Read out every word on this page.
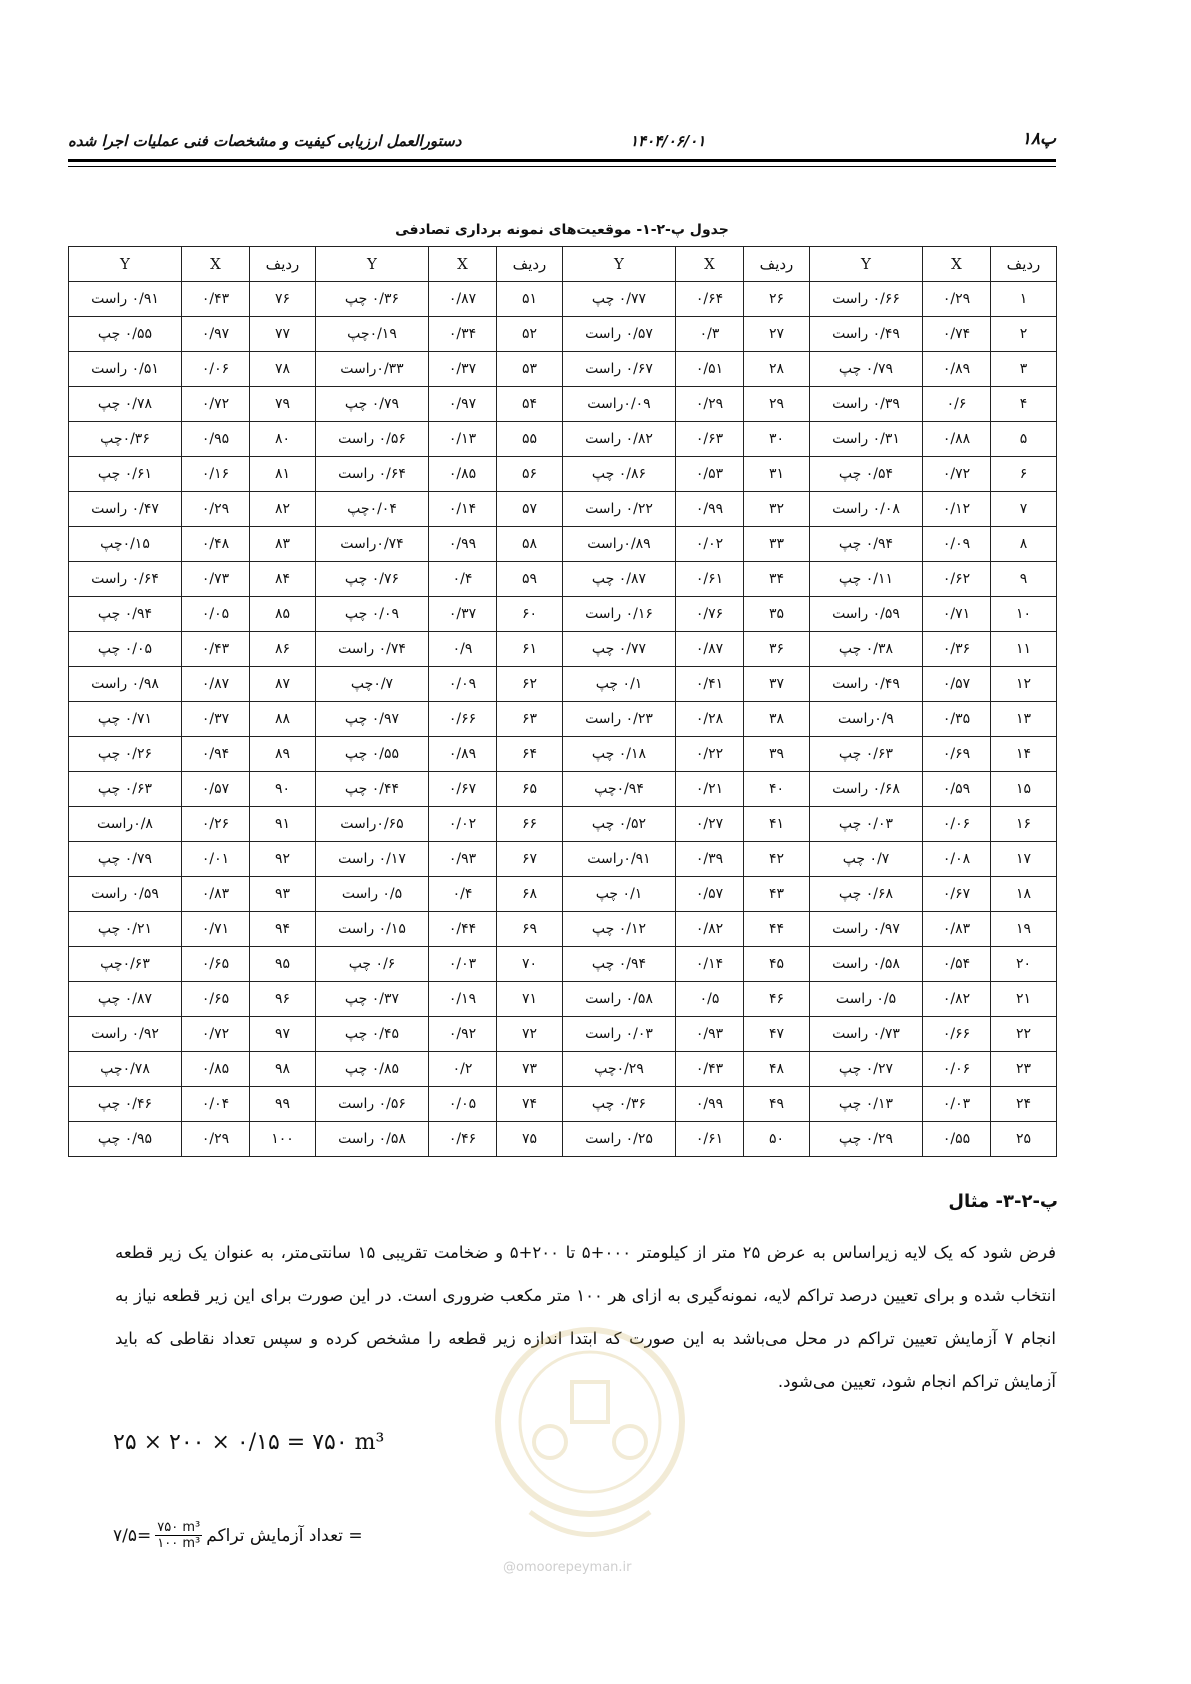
پ۱۸
۱۴۰۴/۰۶/۰۱
دستورالعمل ارزیابی کیفیت و مشخصات فنی عملیات اجرا شده
جدول پ-۲-۱- موقعیت‌های نمونه برداری تصادفی
ردیف	X	Y	ردیف	X	Y	ردیف	X	Y	ردیف	X	Y
۱	۰/۲۹	۰/۶۶ راست	۲۶	۰/۶۴	۰/۷۷ چپ	۵۱	۰/۸۷	۰/۳۶ چپ	۷۶	۰/۴۳	۰/۹۱ راست
۲	۰/۷۴	۰/۴۹ راست	۲۷	۰/۳	۰/۵۷ راست	۵۲	۰/۳۴	۰/۱۹چپ	۷۷	۰/۹۷	۰/۵۵ چپ
۳	۰/۸۹	۰/۷۹ چپ	۲۸	۰/۵۱	۰/۶۷ راست	۵۳	۰/۳۷	۰/۳۳راست	۷۸	۰/۰۶	۰/۵۱ راست
۴	۰/۶	۰/۳۹ راست	۲۹	۰/۲۹	۰/۰۹راست	۵۴	۰/۹۷	۰/۷۹ چپ	۷۹	۰/۷۲	۰/۷۸ چپ
۵	۰/۸۸	۰/۳۱ راست	۳۰	۰/۶۳	۰/۸۲ راست	۵۵	۰/۱۳	۰/۵۶ راست	۸۰	۰/۹۵	۰/۳۶چپ
۶	۰/۷۲	۰/۵۴ چپ	۳۱	۰/۵۳	۰/۸۶ چپ	۵۶	۰/۸۵	۰/۶۴ راست	۸۱	۰/۱۶	۰/۶۱ چپ
۷	۰/۱۲	۰/۰۸ راست	۳۲	۰/۹۹	۰/۲۲ راست	۵۷	۰/۱۴	۰/۰۴چپ	۸۲	۰/۲۹	۰/۴۷ راست
۸	۰/۰۹	۰/۹۴ چپ	۳۳	۰/۰۲	۰/۸۹راست	۵۸	۰/۹۹	۰/۷۴راست	۸۳	۰/۴۸	۰/۱۵چپ
۹	۰/۶۲	۰/۱۱ چپ	۳۴	۰/۶۱	۰/۸۷ چپ	۵۹	۰/۴	۰/۷۶ چپ	۸۴	۰/۷۳	۰/۶۴ راست
۱۰	۰/۷۱	۰/۵۹ راست	۳۵	۰/۷۶	۰/۱۶ راست	۶۰	۰/۳۷	۰/۰۹ چپ	۸۵	۰/۰۵	۰/۹۴ چپ
۱۱	۰/۳۶	۰/۳۸ چپ	۳۶	۰/۸۷	۰/۷۷ چپ	۶۱	۰/۹	۰/۷۴ راست	۸۶	۰/۴۳	۰/۰۵ چپ
۱۲	۰/۵۷	۰/۴۹ راست	۳۷	۰/۴۱	۰/۱ چپ	۶۲	۰/۰۹	۰/۷چپ	۸۷	۰/۸۷	۰/۹۸ راست
۱۳	۰/۳۵	۰/۹راست	۳۸	۰/۲۸	۰/۲۳ راست	۶۳	۰/۶۶	۰/۹۷ چپ	۸۸	۰/۳۷	۰/۷۱ چپ
۱۴	۰/۶۹	۰/۶۳ چپ	۳۹	۰/۲۲	۰/۱۸ چپ	۶۴	۰/۸۹	۰/۵۵ چپ	۸۹	۰/۹۴	۰/۲۶ چپ
۱۵	۰/۵۹	۰/۶۸ راست	۴۰	۰/۲۱	۰/۹۴چپ	۶۵	۰/۶۷	۰/۴۴ چپ	۹۰	۰/۵۷	۰/۶۳ چپ
۱۶	۰/۰۶	۰/۰۳ چپ	۴۱	۰/۲۷	۰/۵۲ چپ	۶۶	۰/۰۲	۰/۶۵راست	۹۱	۰/۲۶	۰/۸راست
۱۷	۰/۰۸	۰/۷ چپ	۴۲	۰/۳۹	۰/۹۱راست	۶۷	۰/۹۳	۰/۱۷ راست	۹۲	۰/۰۱	۰/۷۹ چپ
۱۸	۰/۶۷	۰/۶۸ چپ	۴۳	۰/۵۷	۰/۱ چپ	۶۸	۰/۴	۰/۵ راست	۹۳	۰/۸۳	۰/۵۹ راست
۱۹	۰/۸۳	۰/۹۷ راست	۴۴	۰/۸۲	۰/۱۲ چپ	۶۹	۰/۴۴	۰/۱۵ راست	۹۴	۰/۷۱	۰/۲۱ چپ
۲۰	۰/۵۴	۰/۵۸ راست	۴۵	۰/۱۴	۰/۹۴ چپ	۷۰	۰/۰۳	۰/۶ چپ	۹۵	۰/۶۵	۰/۶۳چپ
۲۱	۰/۸۲	۰/۵ راست	۴۶	۰/۵	۰/۵۸ راست	۷۱	۰/۱۹	۰/۳۷ چپ	۹۶	۰/۶۵	۰/۸۷ چپ
۲۲	۰/۶۶	۰/۷۳ راست	۴۷	۰/۹۳	۰/۰۳ راست	۷۲	۰/۹۲	۰/۴۵ چپ	۹۷	۰/۷۲	۰/۹۲ راست
۲۳	۰/۰۶	۰/۲۷ چپ	۴۸	۰/۴۳	۰/۲۹چپ	۷۳	۰/۲	۰/۸۵ چپ	۹۸	۰/۸۵	۰/۷۸چپ
۲۴	۰/۰۳	۰/۱۳ چپ	۴۹	۰/۹۹	۰/۳۶ چپ	۷۴	۰/۰۵	۰/۵۶ راست	۹۹	۰/۰۴	۰/۴۶ چپ
۲۵	۰/۵۵	۰/۲۹ چپ	۵۰	۰/۶۱	۰/۲۵ راست	۷۵	۰/۴۶	۰/۵۸ راست	۱۰۰	۰/۲۹	۰/۹۵ چپ
پ-۲-۳- مثال
فرض شود که یک لایه زیراساس به عرض ۲۵ متر از کیلومتر ۰۰۰+۵ تا ۲۰۰+۵ و ضخامت تقریبی ۱۵ سانتی‌متر، به عنوان یک زیر قطعه انتخاب شده و برای تعیین درصد تراکم لایه، نمونه‌گیری به ازای هر ۱۰۰ متر مکعب ضروری است. در این صورت برای این زیر قطعه نیاز به انجام ۷ آزمایش تعیین تراکم در محل می‌باشد به این صورت که ابتدا اندازه زیر قطعه را مشخص کرده و سپس تعداد نقاطی که باید آزمایش تراکم انجام شود، تعیین می‌شود.
۲۵ × ۲۰۰ × ۰/۱۵ = ۷۵۰ m³
۷/۵= $\frac{\text{۷۵۰ m³}}{\text{۱۰۰ m³}}$ = تعداد آزمایش تراکم
@omoorepeyman.ir
